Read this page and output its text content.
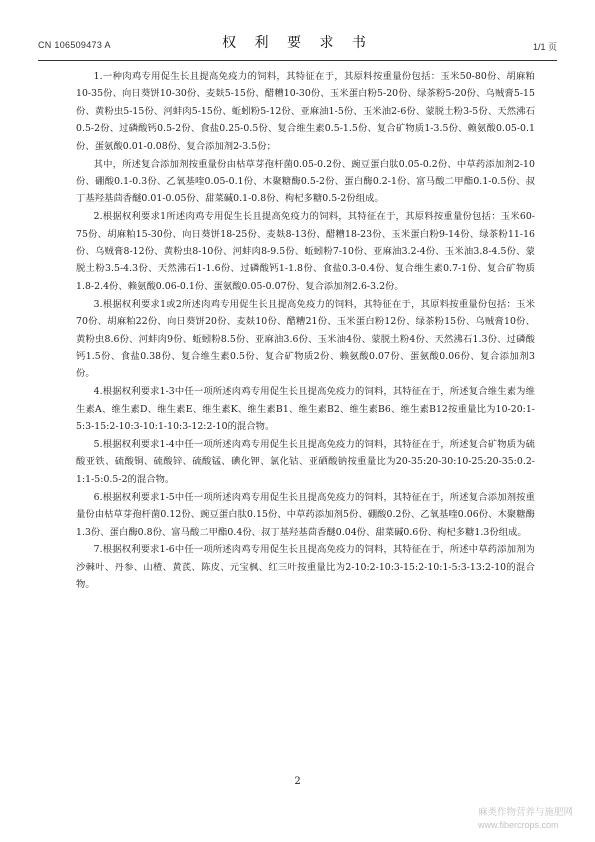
CN 106509473 A	权 利 要 求 书	1/1 页

1.一种肉鸡专用促生长且提高免疫力的饲料，其特征在于，其原料按重量份包括：玉米50-80份、胡麻粕10-35份、向日葵饼10-30份、麦麸5-15份、醋糟10-30份、玉米蛋白粉5-20份、绿茶粉5-20份、乌贼膏5-15份、黄粉虫5-15份、河蚌肉5-15份、蚯蚓粉5-12份、亚麻油1-5份、玉米油2-6份、蒙脱土粉3-5份、天然沸石0.5-2份、过磷酸钙0.5-2份、食盐0.25-0.5份、复合维生素0.5-1.5份、复合矿物质1-3.5份、赖氨酸0.05-0.1份、蛋氨酸0.01-0.08份、复合添加剂2-3.5份；

其中，所述复合添加剂按重量份由枯草芽孢杆菌0.05-0.2份、豌豆蛋白肽0.05-0.2份、中草药添加剂2-10份、硼酸0.1-0.3份、乙氧基喹0.05-0.1份、木聚糖酶0.5-2份、蛋白酶0.2-1份、富马酸二甲酯0.1-0.5份、叔丁基羟基茴香醚0.01-0.05份、甜菜碱0.1-0.8份、枸杞多糖0.5-2份组成。

2.根据权利要求1所述肉鸡专用促生长且提高免疫力的饲料，其特征在于，其原料按重量份包括：玉米60-75份、胡麻粕15-30份、向日葵饼18-25份、麦麸8-13份、醋糟18-23份、玉米蛋白粉9-14份、绿茶粉11-16份、乌贼膏8-12份、黄粉虫8-10份、河蚌肉8-9.5份、蚯蚓粉7-10份、亚麻油3.2-4份、玉米油3.8-4.5份、蒙脱土粉3.5-4.3份、天然沸石1-1.6份、过磷酸钙1-1.8份、食盐0.3-0.4份、复合维生素0.7-1份、复合矿物质1.8-2.4份、赖氨酸0.06-0.1份、蛋氨酸0.05-0.07份、复合添加剂2.6-3.2份。

3.根据权利要求1或2所述肉鸡专用促生长且提高免疫力的饲料，其特征在于，其原料按重量份包括：玉米70份、胡麻粕22份、向日葵饼20份、麦麸10份、醋糟21份、玉米蛋白粉12份、绿茶粉15份、乌贼膏10份、黄粉虫8.6份、河蚌肉9份、蚯蚓粉8.5份、亚麻油3.6份、玉米油4份、蒙脱土粉4份、天然沸石1.3份、过磷酸钙1.5份、食盐0.38份、复合维生素0.5份、复合矿物质2份、赖氨酸0.07份、蛋氨酸0.06份、复合添加剂3份。

4.根据权利要求1-3中任一项所述肉鸡专用促生长且提高免疫力的饲料，其特征在于，所述复合维生素为维生素A、维生素D、维生素E、维生素K、维生素B1、维生素B2、维生素B6、维生素B12按重量比为10-20:1-5:3-15:2-10:3-10:1-10:3-12:2-10的混合物。

5.根据权利要求1-4中任一项所述肉鸡专用促生长且提高免疫力的饲料，其特征在于，所述复合矿物质为硫酸亚铁、硫酸铜、硫酸锌、硫酸锰、碘化钾、氯化钴、亚硒酸钠按重量比为20-35:20-30:10-25:20-35:0.2-1:1-5:0.5-2的混合物。

6.根据权利要求1-5中任一项所述肉鸡专用促生长且提高免疫力的饲料，其特征在于，所述复合添加剂按重量份由枯草芽孢杆菌0.12份、豌豆蛋白肽0.15份、中草药添加剂5份、硼酸0.2份、乙氧基喹0.06份、木聚糖酶1.3份、蛋白酶0.8份、富马酸二甲酯0.4份、叔丁基羟基茴香醚0.04份、甜菜碱0.6份、枸杞多糖1.3份组成。

7.根据权利要求1-6中任一项所述肉鸡专用促生长且提高免疫力的饲料，其特征在于，所述中草药添加剂为沙棘叶、丹参、山楂、黄芪、陈皮、元宝枫、红三叶按重量比为2-10:2-10:3-15:2-10:1-5:3-13:2-10的混合物。

2
麻类作物营养与施肥网
www.fibercrops.com
